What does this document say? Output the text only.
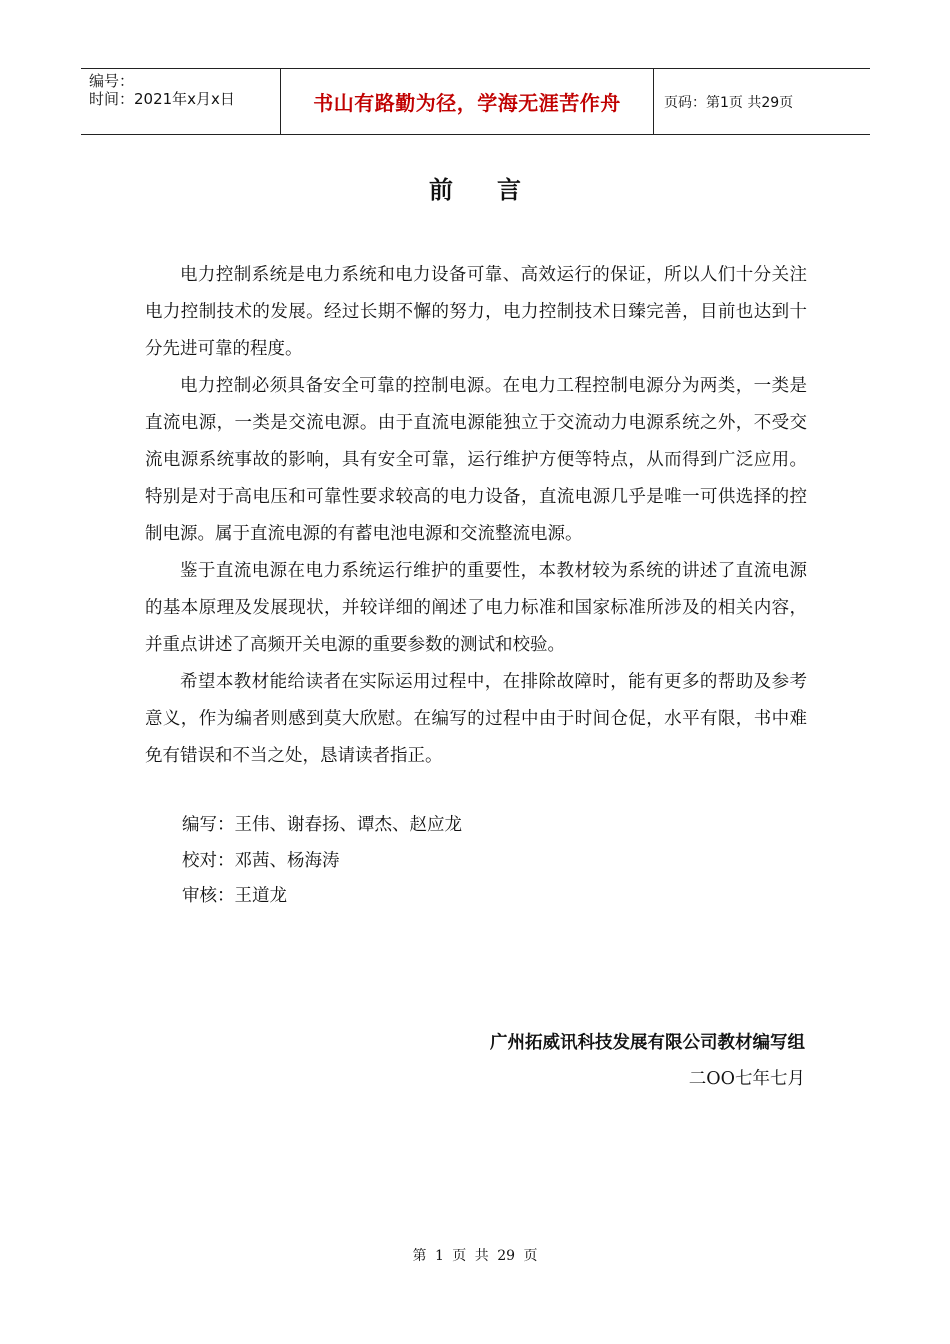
编号：
时间：2021年x月x日	书山有路勤为径，学海无涯苦作舟	页码：第1页 共29页
前言

电力控制系统是电力系统和电力设备可靠、高效运行的保证，所以人们十分关注电力控制技术的发展。经过长期不懈的努力，电力控制技术日臻完善，目前也达到十分先进可靠的程度。

电力控制必须具备安全可靠的控制电源。在电力工程控制电源分为两类，一类是直流电源，一类是交流电源。由于直流电源能独立于交流动力电源系统之外，不受交流电源系统事故的影响，具有安全可靠，运行维护方便等特点，从而得到广泛应用。特别是对于高电压和可靠性要求较高的电力设备，直流电源几乎是唯一可供选择的控制电源。属于直流电源的有蓄电池电源和交流整流电源。

鉴于直流电源在电力系统运行维护的重要性，本教材较为系统的讲述了直流电源的基本原理及发展现状，并较详细的阐述了电力标准和国家标准所涉及的相关内容，并重点讲述了高频开关电源的重要参数的测试和校验。

希望本教材能给读者在实际运用过程中，在排除故障时，能有更多的帮助及参考意义，作为编者则感到莫大欣慰。在编写的过程中由于时间仓促，水平有限，书中难免有错误和不当之处，恳请读者指正。

编写：王伟、谢春扬、谭杰、赵应龙
校对：邓茜、杨海涛
审核：王道龙
广州拓威讯科技发展有限公司教材编写组
二OO七年七月
第 1 页 共 29 页
